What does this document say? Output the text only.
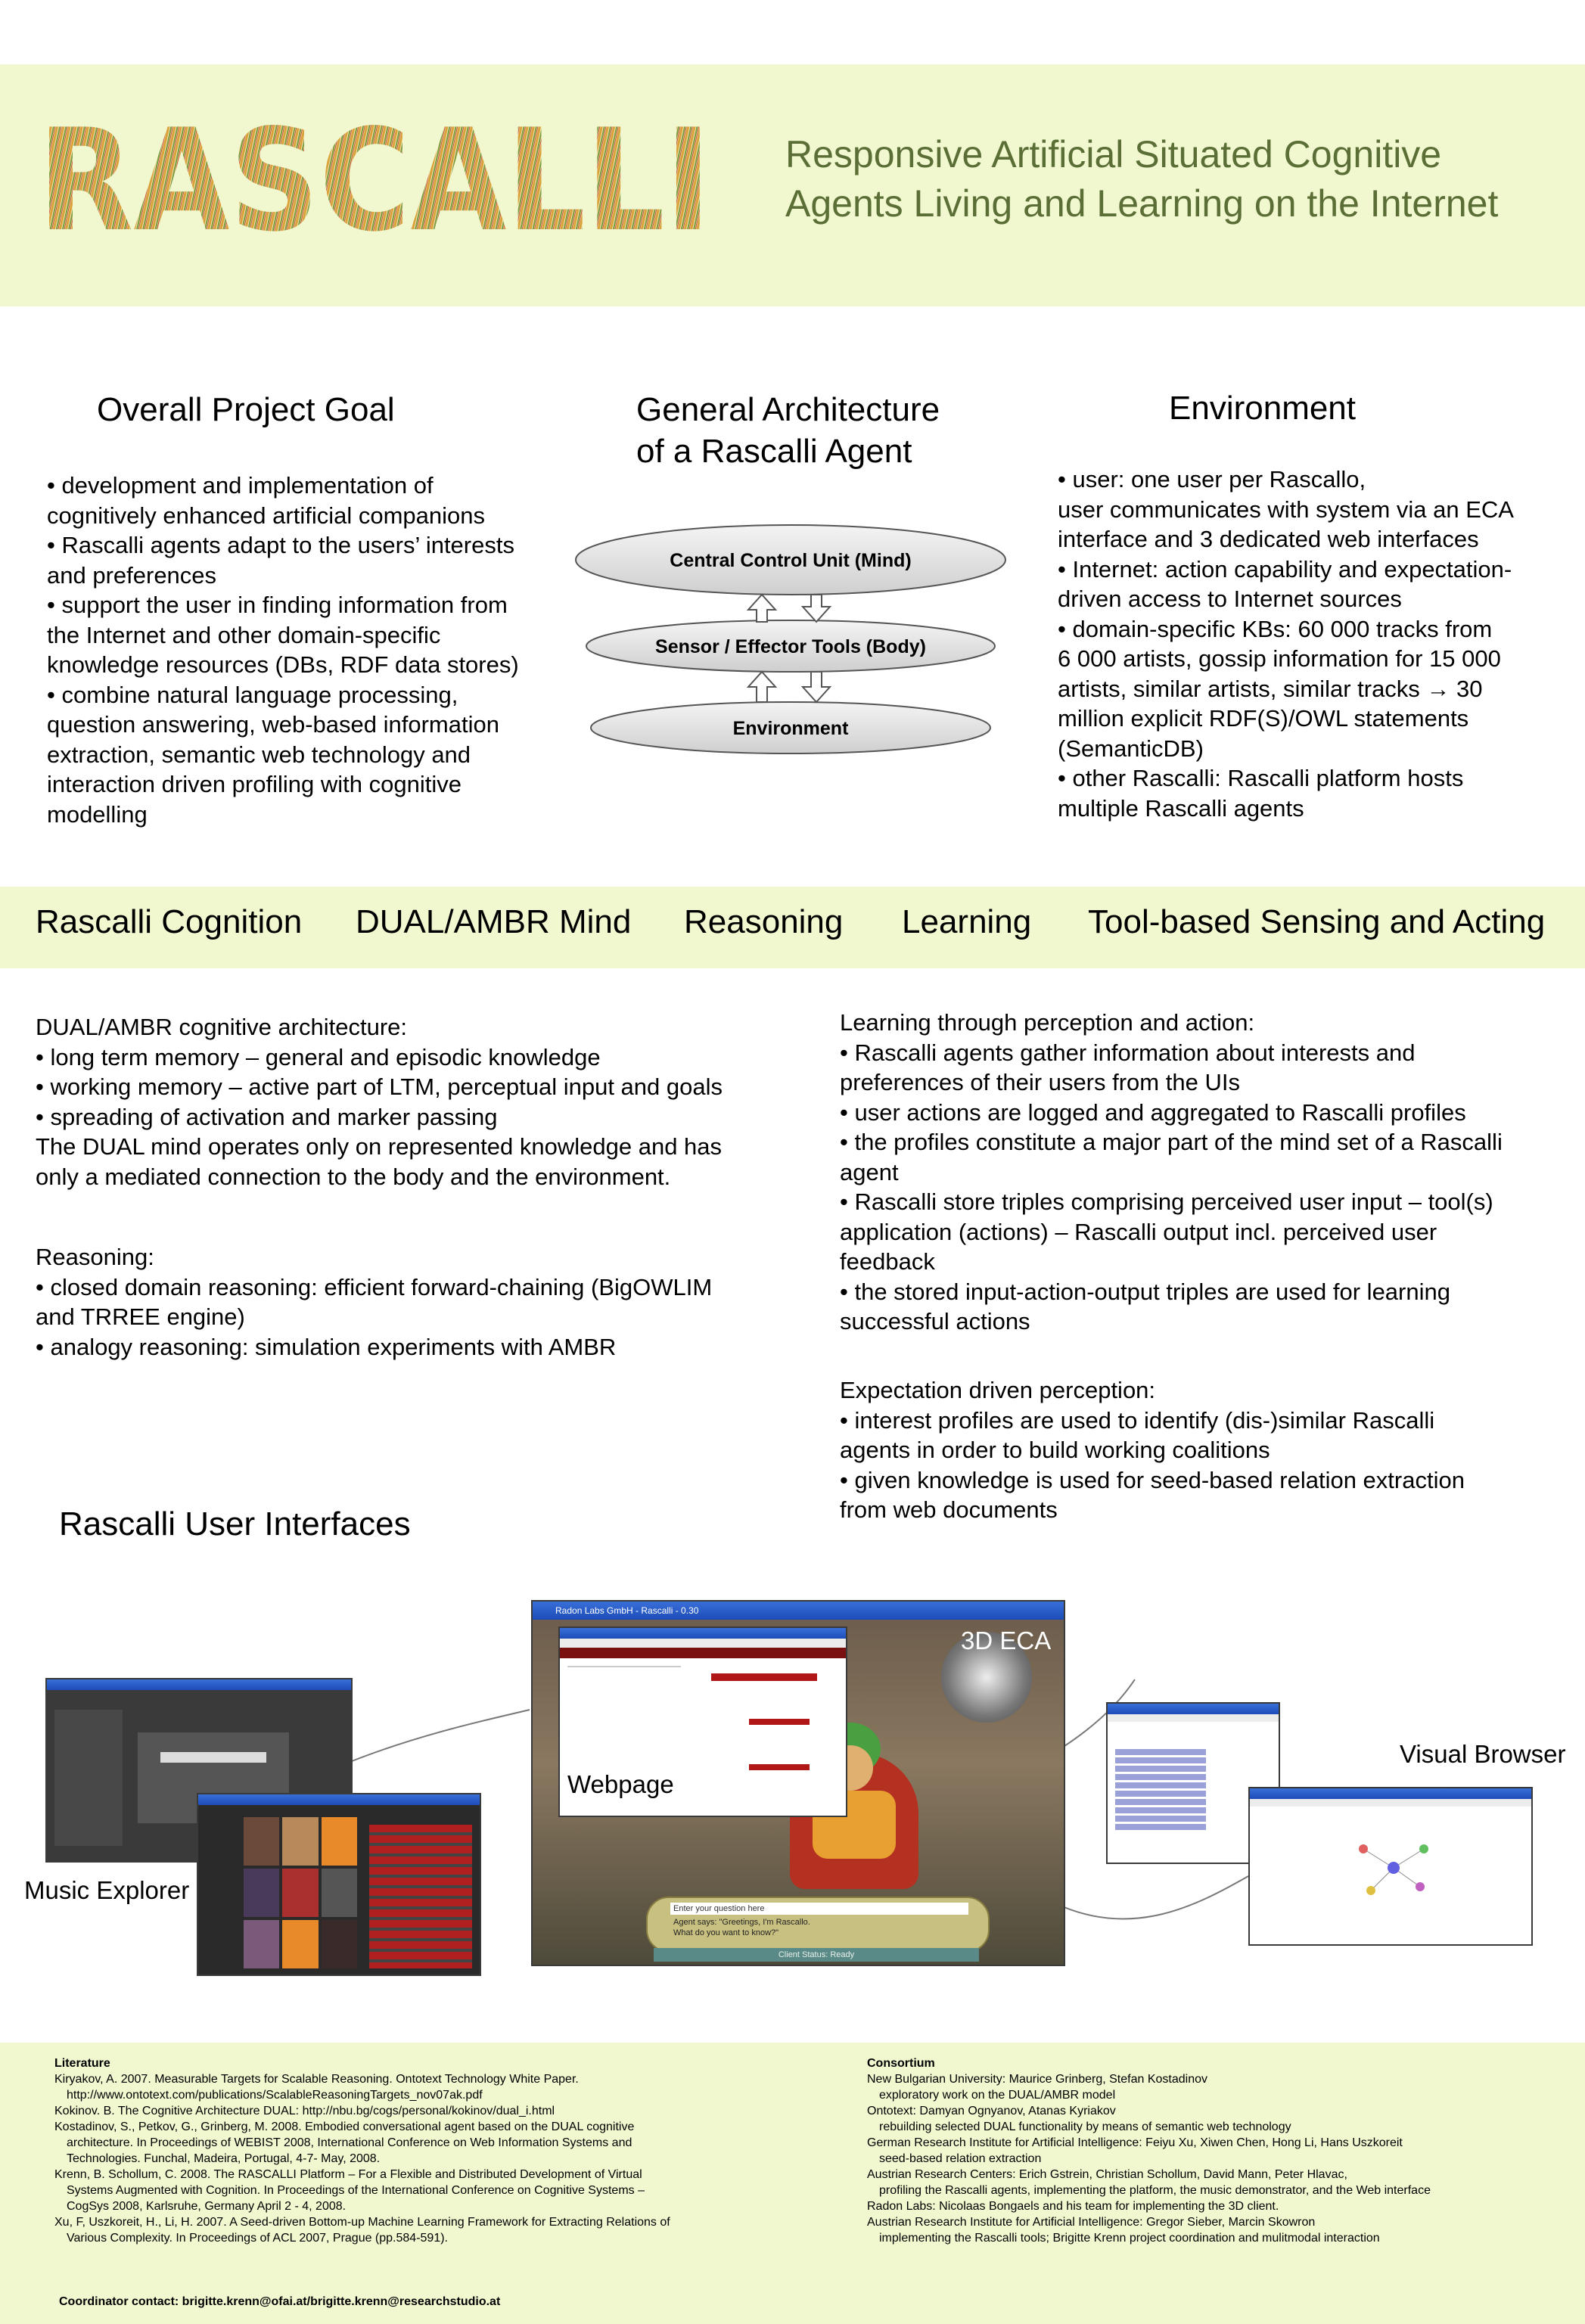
RASCALLI Responsive Artificial Situated Cognitive
Agents Living and Learning on the Internet
Overall Project Goal
• development and implementation of
cognitively enhanced artificial companions
• Rascalli agents adapt to the users’ interests
and preferences
• support the user in finding information from
the Internet and other domain-specific
knowledge resources (DBs, RDF data stores)
• combine natural language processing,
question answering, web-based information
extraction, semantic web technology and
interaction driven profiling with cognitive
modelling
General Architecture
of a Rascalli Agent
Central Control Unit (Mind)
Sensor / Effector Tools (Body)
Environment
Environment
• user: one user per Rascallo,
user communicates with system via an ECA
interface and 3 dedicated web interfaces
• Internet: action capability and expectation-
driven access to Internet sources
• domain-specific KBs: 60 000 tracks from
6 000 artists, gossip information for 15 000
artists, similar artists, similar tracks → 30
million explicit RDF(S)/OWL statements
(SemanticDB)
• other Rascalli: Rascalli platform hosts
multiple Rascalli agents
Rascalli Cognition DUAL/AMBR Mind Reasoning Learning Tool-based Sensing and Acting
DUAL/AMBR cognitive architecture:
• long term memory – general and episodic knowledge
• working memory – active part of LTM, perceptual input and goals
• spreading of activation and marker passing
The DUAL mind operates only on represented knowledge and has
only a mediated connection to the body and the environment.
Reasoning:
• closed domain reasoning: efficient forward-chaining (BigOWLIM
and TRREE engine)
• analogy reasoning: simulation experiments with AMBR
Learning through perception and action:
• Rascalli agents gather information about interests and
preferences of their users from the UIs
• user actions are logged and aggregated to Rascalli profiles
• the profiles constitute a major part of the mind set of a Rascalli
agent
• Rascalli store triples comprising perceived user input – tool(s)
application (actions) – Rascalli output incl. perceived user
feedback
• the stored input-action-output triples are used for learning
successful actions
Expectation driven perception:
• interest profiles are used to identify (dis-)similar Rascalli
agents in order to build working coalitions
• given knowledge is used for seed-based relation extraction
from web documents
Rascalli User Interfaces
Radon Labs GmbH - Rascalli - 0.30
Enter your question here
Agent says: "Greetings, I'm Rascallo.
What do you want to know?"
Client Status: Ready
3D ECA
Webpage
Visual Browser
Music Explorer
Literature
Kiryakov, A. 2007. Measurable Targets for Scalable Reasoning. Ontotext Technology White Paper.
http://www.ontotext.com/publications/ScalableReasoningTargets_nov07ak.pdf
Kokinov. B. The Cognitive Architecture DUAL: http://nbu.bg/cogs/personal/kokinov/dual_i.html
Kostadinov, S., Petkov, G., Grinberg, M. 2008. Embodied conversational agent based on the DUAL cognitive
architecture. In Proceedings of WEBIST 2008, International Conference on Web Information Systems and
Technologies. Funchal, Madeira, Portugal, 4-7- May, 2008.
Krenn, B. Schollum, C. 2008. The RASCALLI Platform – For a Flexible and Distributed Development of Virtual
Systems Augmented with Cognition. In Proceedings of the International Conference on Cognitive Systems –
CogSys 2008, Karlsruhe, Germany April 2 - 4, 2008.
Xu, F, Uszkoreit, H., Li, H. 2007. A Seed-driven Bottom-up Machine Learning Framework for Extracting Relations of
Various Complexity. In Proceedings of ACL 2007, Prague (pp.584-591).
Consortium
New Bulgarian University: Maurice Grinberg, Stefan Kostadinov
exploratory work on the DUAL/AMBR model
Ontotext: Damyan Ognyanov, Atanas Kyriakov
rebuilding selected DUAL functionality by means of semantic web technology
German Research Institute for Artificial Intelligence: Feiyu Xu, Xiwen Chen, Hong Li, Hans Uszkoreit
seed-based relation extraction
Austrian Research Centers: Erich Gstrein, Christian Schollum, David Mann, Peter Hlavac,
profiling the Rascalli agents, implementing the platform, the music demonstrator, and the Web interface
Radon Labs: Nicolaas Bongaels and his team for implementing the 3D client.
Austrian Research Institute for Artificial Intelligence: Gregor Sieber, Marcin Skowron
implementing the Rascalli tools; Brigitte Krenn project coordination and mulitmodal interaction
Coordinator contact: brigitte.krenn@ofai.at/brigitte.krenn@researchstudio.at
